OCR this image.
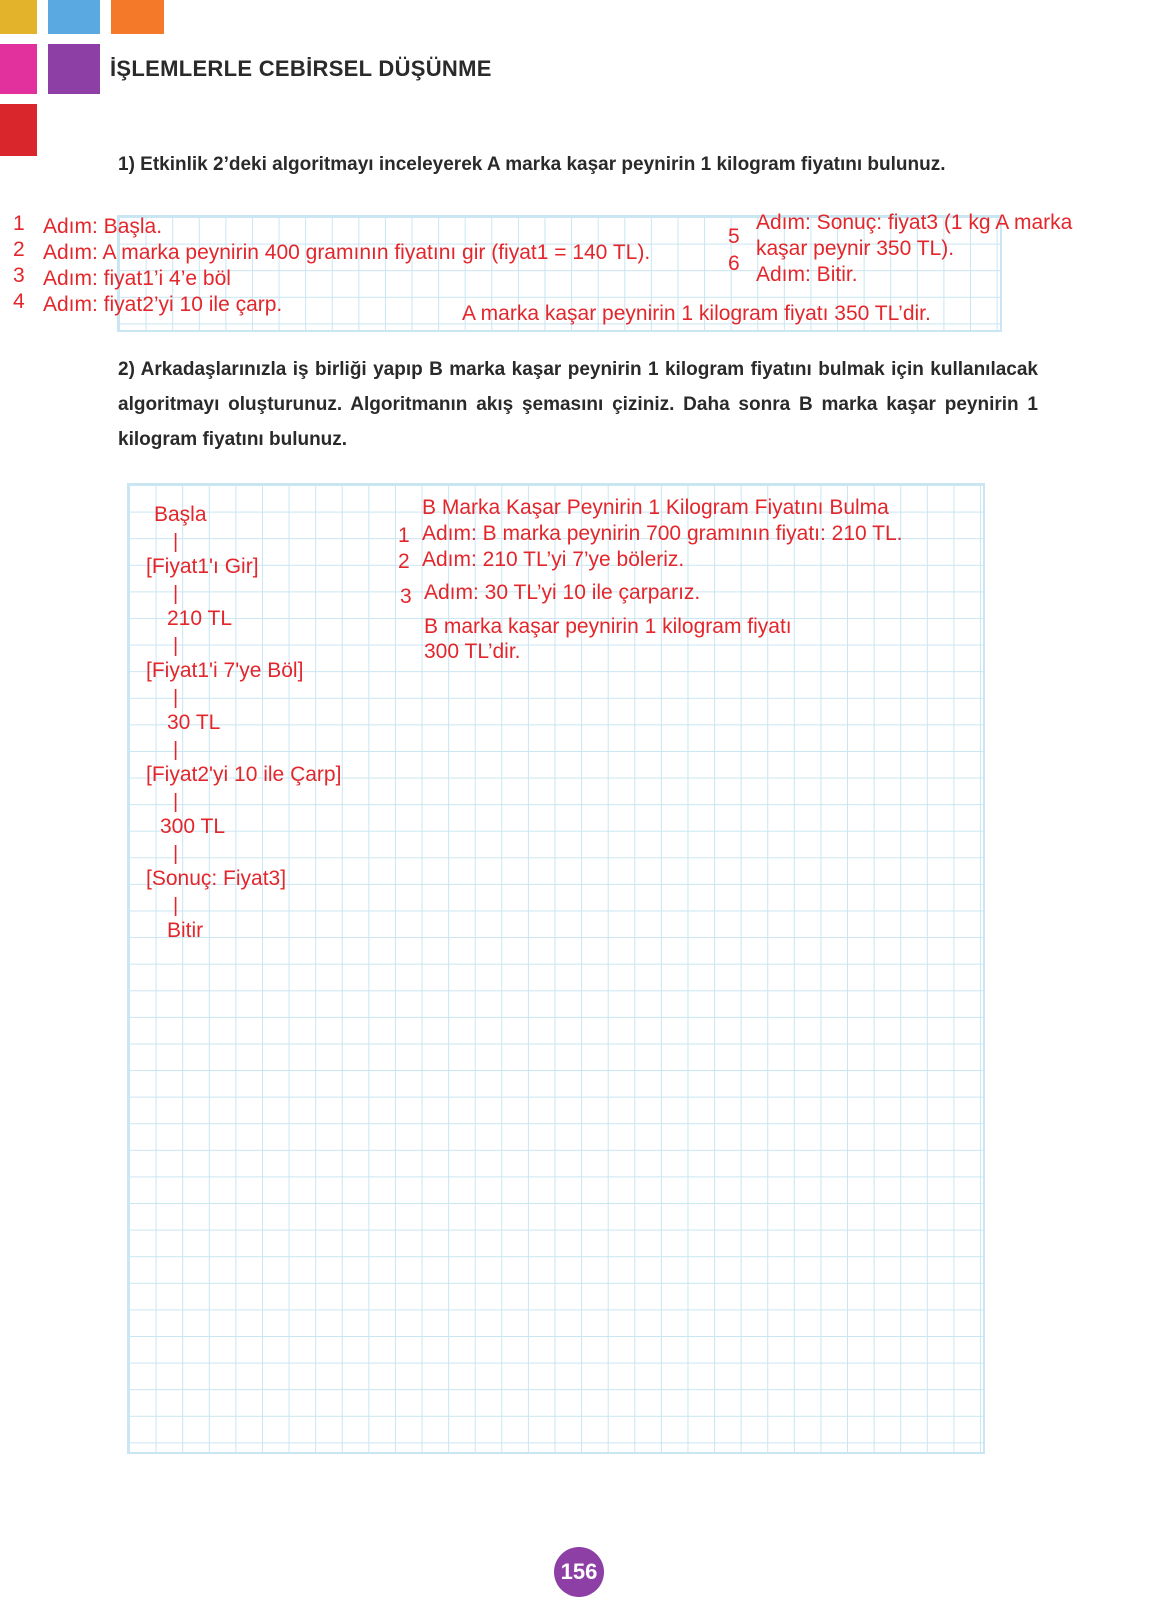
İŞLEMLERLE CEBİRSEL DÜŞÜNME
1) Etkinlik 2’deki algoritmayı inceleyerek A marka kaşar peynirin 1 kilogram fiyatını bulunuz.
1 Adım: Başla.
2 Adım: A marka peynirin 400 gramının fiyatını gir (fiyat1 = 140 TL).
3 Adım: fiyat1’i 4’e böl
4 Adım: fiyat2’yi 10 ile çarp.
5
6
Adım: Sonuç: fiyat3 (1 kg A marka
kaşar peynir 350 TL).
Adım: Bitir.
A marka kaşar peynirin 1 kilogram fiyatı 350 TL’dir.
2) Arkadaşlarınızla iş birliği yapıp B marka kaşar peynirin 1 kilogram fiyatını bulmak için kullanılacak algoritmayı oluşturunuz. Algoritmanın akış şemasını çiziniz. Daha sonra B marka kaşar peynirin 1 kilogram fiyatını bulunuz.
Başla
|
[Fiyat1'ı Gir]
|
210 TL
|
[Fiyat1'i 7'ye Böl]
|
30 TL
|
[Fiyat2'yi 10 ile Çarp]
|
300 TL
|
[Sonuç: Fiyat3]
|
Bitir
B Marka Kaşar Peynirin 1 Kilogram Fiyatını Bulma
1 Adım: B marka peynirin 700 gramının fiyatı: 210 TL.
2 Adım: 210 TL’yi 7’ye böleriz.
3 Adım: 30 TL’yi 10 ile çarparız.
B marka kaşar peynirin 1 kilogram fiyatı
300 TL’dir.
156
